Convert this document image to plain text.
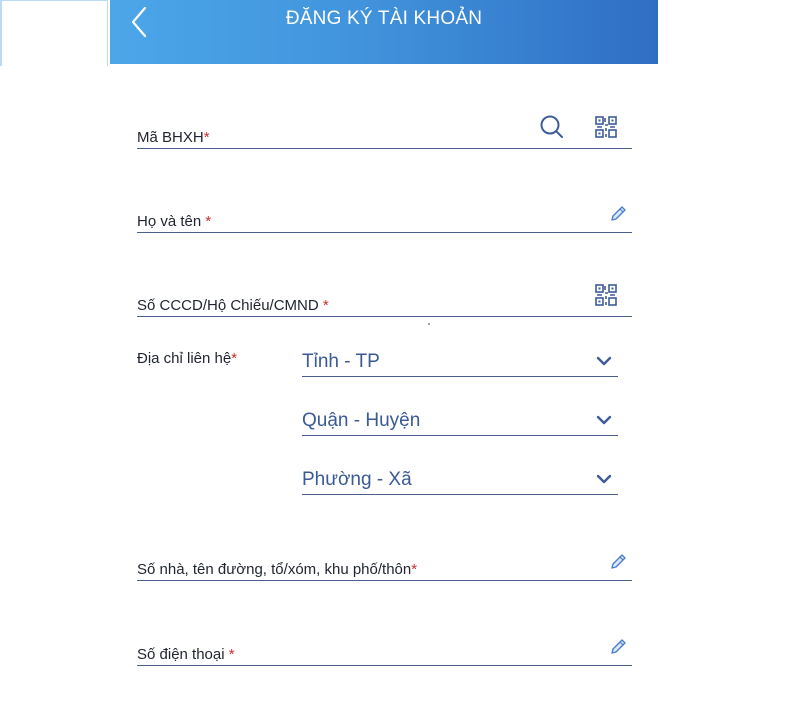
ĐĂNG KÝ TÀI KHOẢN
Mã BHXH*
Họ và tên *
Số CCCD/Hộ Chiếu/CMND *
Địa chỉ liên hệ*	Tỉnh - TP
Quận - Huyện
Phường - Xã
Số nhà, tên đường, tổ/xóm, khu phố/thôn*
Số điện thoại *
